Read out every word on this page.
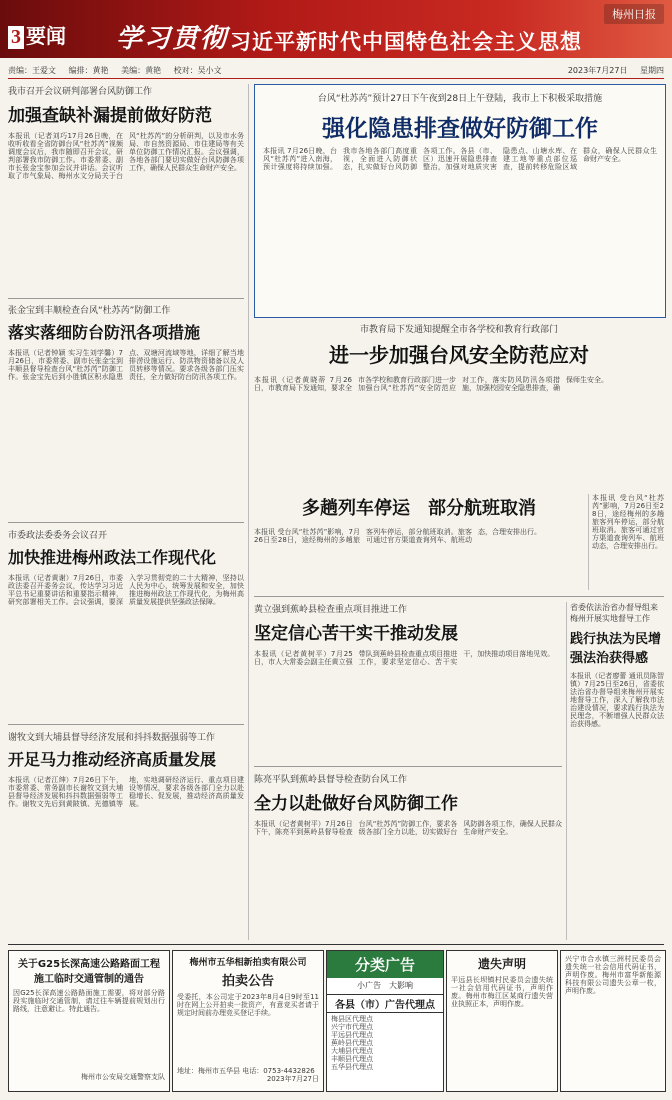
3 要闻 学习贯彻 习近平新时代中国特色社会主义思想
梅州日报
责编：王爱文 编排：黄艳 美编：黄艳 校对：吴小文	2023年7月27日 星期四
我市召开会议研判部署台风防御工作
加强查缺补漏提前做好防范
本报讯（记者刘巧17月26日晚，在收听收看全省防御台风“杜苏芮”视频调度会议后，我市随即召开会议，研判部署我市防御工作。市委常委、副市长张金宝参加会议并讲话。会议听取了市气象局、梅州水文分局关于台风“杜苏芮”的分析研判，以及市水务局、市自然资源局、市住建局等有关单位防御工作情况汇报。会议强调，各地各部门要切实做好台风防御各项工作，确保人民群众生命财产安全。
张金宝到丰顺检查台风“杜苏芮”防御工作
落实落细防台防汛各项措施
本报讯（记者钟颖 实习生刘学馨）7月26日，市委常委、副市长张金宝到丰顺县督导检查台风“杜苏芮”防御工作。张金宝先后到小胜镇区积水隐患点、双塘河流域等地，详细了解当地排涝设施运行、防洪物资储备以及人员转移等情况。要求各级各部门压实责任，全力做好防台防汛各项工作。
市委政法委委务会议召开
加快推进梅州政法工作现代化
本报讯（记者黄谢）7月26日，市委政法委召开委务会议，传达学习习近平总书记重要讲话和重要指示精神，研究部署相关工作。会议强调，要深入学习贯彻党的二十大精神，坚持以人民为中心，统筹发展和安全，加快推进梅州政法工作现代化，为梅州高质量发展提供坚强政法保障。
谢牧文到大埔县督导经济发展和抖抖数据强弱等工作
开足马力推动经济高质量发展
本报讯（记者江绅）7月26日下午，市委常委、常务副市长谢牧文到大埔县督导经济发展和抖抖数据强弱等工作。谢牧文先后到黄陂镇、光德镇等地，实地调研经济运行、重点项目建设等情况，要求各级各部门全力以赴稳增长、促发展，推动经济高质量发展。
台风“杜苏芮”预计27日下午夜到28日上午登陆，我市上下积极采取措施
强化隐患排查做好防御工作
本报讯 7月26日晚，台风“杜苏芮”进入南海，预计强度将持续加强。我市各地各部门高度重视，全面进入防御状态，扎实做好台风防御各项工作。各县（市、区）迅速开展隐患排查整治，加强对地质灾害隐患点、山塘水库、在建工地等重点部位巡查，提前转移危险区域群众，确保人民群众生命财产安全。
市教育局下发通知提醒全市各学校和教育行政部门
进一步加强台风安全防范应对
本报讯（记者黄晓蒂 7月26日，市教育局下发通知，要求全市各学校和教育行政部门进一步加强台风“杜苏芮”安全防范应对工作，落实防风防汛各项措施，加强校园安全隐患排查，确保师生安全。
多趟列车停运　部分航班取消
本报讯 受台风“杜苏芮”影响，7月26日至28日，途经梅州的多趟旅客列车停运，部分航班取消。旅客可通过官方渠道查询列车、航班动态，合理安排出行。
本报讯 受台风“杜苏芮”影响，7月26日至28日，途经梅州的多趟旅客列车停运，部分航班取消。旅客可通过官方渠道查询列车、航班动态，合理安排出行。
黄立强到蕉岭县检查重点项目推进工作
坚定信心苦干实干推动发展
本报讯（记者黄树平）7月25日，市人大常委会副主任黄立强带队到蕉岭县检查重点项目推进工作，要求坚定信心、苦干实干，加快推动项目落地见效。
陈亮平队到蕉岭县督导检查防台风工作
全力以赴做好台风防御工作
本报讯（记者黄树平）7月26日下午，陈亮平到蕉岭县督导检查台风“杜苏芮”防御工作，要求各级各部门全力以赴，切实做好台风防御各项工作，确保人民群众生命财产安全。
省委依法治省办督导组来梅州开展实地督导工作
践行执法为民增强法治获得感
本报讯（记者廖蕾 通讯员陈智镇）7月25日至26日，省委依法治省办督导组来梅州开展实地督导工作，深入了解我市法治建设情况，要求践行执法为民理念，不断增强人民群众法治获得感。
关于G25长深高速公路路面工程施工临时交通管制的通告
因G25长深高速公路路面施工需要，将对部分路段实施临时交通管制，请过往车辆提前规划出行路线，注意避让。特此通告。
梅州市公安局交通警察支队
梅州市五华相新拍卖有限公司
拍卖公告
受委托，本公司定于2023年8月4日9时至11时在网上公开拍卖一批资产，有意竞买者请于规定时间前办理竞买登记手续。
地址：梅州市五华县 电话：0753-4432826
2023年7月27日
分类广告
小广告　 大影响
各县（市）广告代理点
梅县区代理点
兴宁市代理点
平远县代理点
蕉岭县代理点
大埔县代理点
丰顺县代理点
五华县代理点
遗失声明
平远县长坝镇村民委员会遗失统一社会信用代码证书，声明作废。梅州市梅江区某商行遗失营业执照正本，声明作废。
兴宁市合水镇三洲村民委员会遗失统一社会信用代码证书，声明作废。梅州市富华新能源科技有限公司遗失公章一枚，声明作废。
